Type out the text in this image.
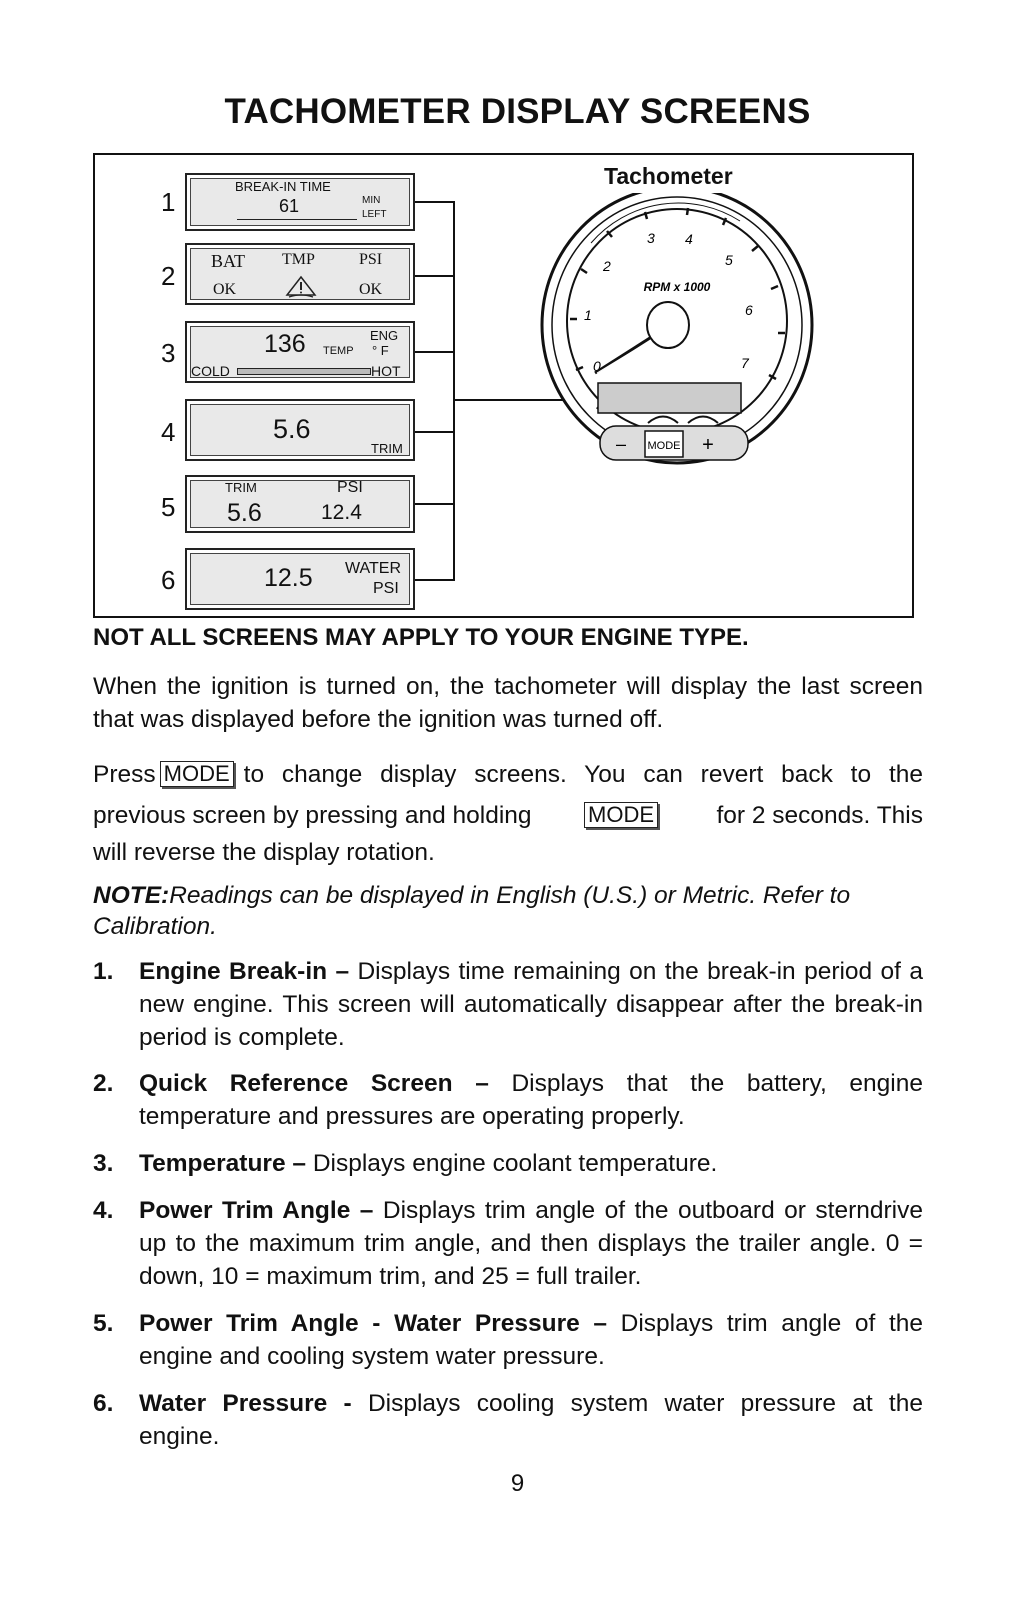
TACHOMETER DISPLAY SCREENS
1
BREAK-IN TIME
61	MIN
LEFT
2 BAT TMP	PSI
OK	OK
3	136 TEMP
ENG
° F
COLD	HOT
4	5.6
TRIM
5
TRIM	PSI
5.6	12.4
6	12.5 WATER
PSI
Tachometer
RPM x 1000
0
1
2
3 4
5
6
7
– MODE +
NOT ALL SCREENS MAY APPLY TO YOUR ENGINE TYPE.
When the ignition is turned on, the tachometer will display the last screen that was displayed before the ignition was turned off.
Press MODE to change display screens. You can revert back to the
previous screen by pressing and holding	MODE	for 2 seconds. This
will reverse the display rotation.
NOTE:Readings can be displayed in English (U.S.) or Metric. Refer to Calibration.
1. Engine Break-in – Displays time remaining on the break-in period of a new engine. This screen will automatically disappear after the break-in period is complete.
2. Quick Reference Screen – Displays that the battery, engine temperature and pressures are operating properly.
3. Temperature – Displays engine coolant temperature.
4. Power Trim Angle – Displays trim angle of the outboard or sterndrive up to the maximum trim angle, and then displays the trailer angle. 0 = down, 10 = maximum trim, and 25 = full trailer.
5. Power Trim Angle - Water Pressure – Displays trim angle of the engine and cooling system water pressure.
6. Water Pressure - Displays cooling system water pressure at the engine.
9
